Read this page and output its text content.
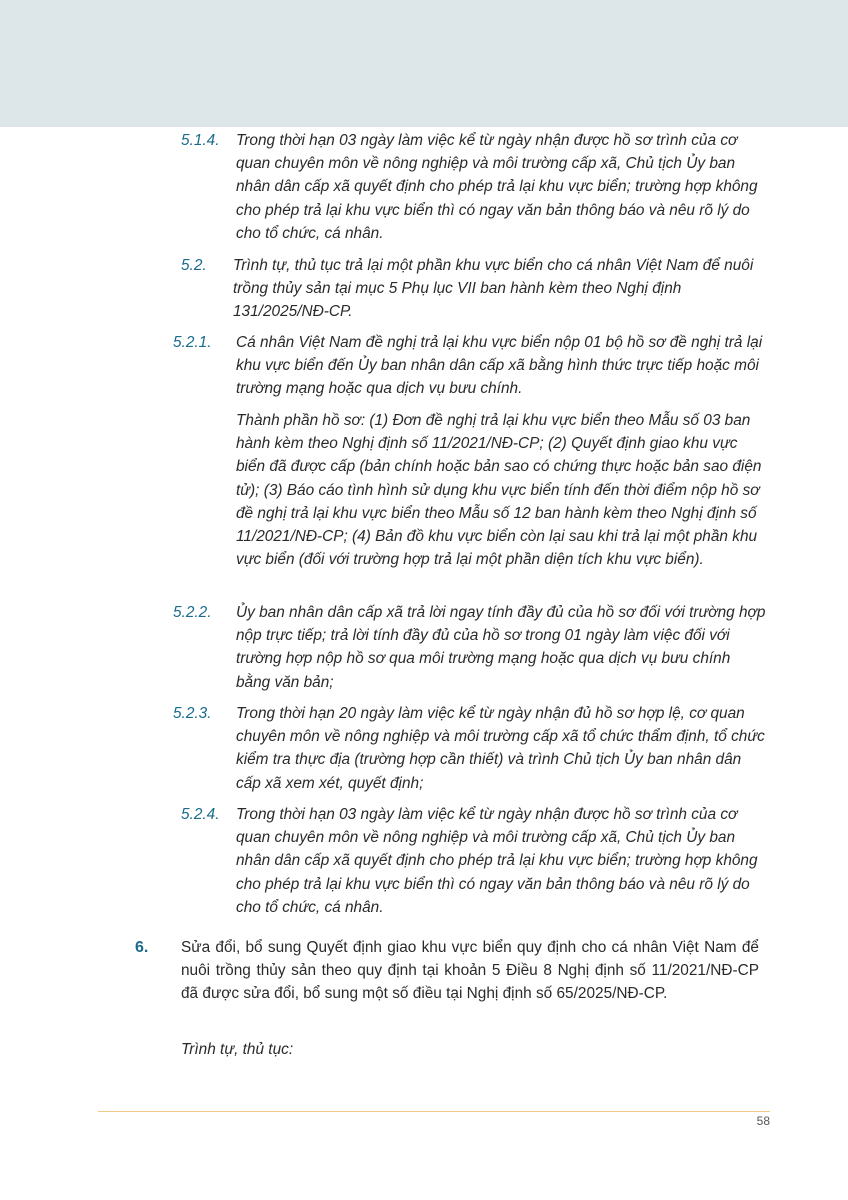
5.1.4. Trong thời hạn 03 ngày làm việc kể từ ngày nhận được hồ sơ trình của cơ quan chuyên môn về nông nghiệp và môi trường cấp xã, Chủ tịch Ủy ban nhân dân cấp xã quyết định cho phép trả lại khu vực biển; trường hợp không cho phép trả lại khu vực biển thì có ngay văn bản thông báo và nêu rõ lý do cho tổ chức, cá nhân.

5.2. Trình tự, thủ tục trả lại một phần khu vực biển cho cá nhân Việt Nam để nuôi trồng thủy sản tại mục 5 Phụ lục VII ban hành kèm theo Nghị định 131/2025/NĐ-CP.

5.2.1. Cá nhân Việt Nam đề nghị trả lại khu vực biển nộp 01 bộ hồ sơ đề nghị trả lại khu vực biển đến Ủy ban nhân dân cấp xã bằng hình thức trực tiếp hoặc môi trường mạng hoặc qua dịch vụ bưu chính.

Thành phần hồ sơ: (1) Đơn đề nghị trả lại khu vực biển theo Mẫu số 03 ban hành kèm theo Nghị định số 11/2021/NĐ-CP; (2) Quyết định giao khu vực biển đã được cấp (bản chính hoặc bản sao có chứng thực hoặc bản sao điện tử); (3) Báo cáo tình hình sử dụng khu vực biển tính đến thời điểm nộp hồ sơ đề nghị trả lại khu vực biển theo Mẫu số 12 ban hành kèm theo Nghị định số 11/2021/NĐ-CP; (4) Bản đồ khu vực biển còn lại sau khi trả lại một phần khu vực biển (đối với trường hợp trả lại một phần diện tích khu vực biển).

5.2.2. Ủy ban nhân dân cấp xã trả lời ngay tính đầy đủ của hồ sơ đối với trường hợp nộp trực tiếp; trả lời tính đầy đủ của hồ sơ trong 01 ngày làm việc đối với trường hợp nộp hồ sơ qua môi trường mạng hoặc qua dịch vụ bưu chính bằng văn bản;

5.2.3. Trong thời hạn 20 ngày làm việc kể từ ngày nhận đủ hồ sơ hợp lệ, cơ quan chuyên môn về nông nghiệp và môi trường cấp xã tổ chức thẩm định, tổ chức kiểm tra thực địa (trường hợp cần thiết) và trình Chủ tịch Ủy ban nhân dân cấp xã xem xét, quyết định;

5.2.4. Trong thời hạn 03 ngày làm việc kể từ ngày nhận được hồ sơ trình của cơ quan chuyên môn về nông nghiệp và môi trường cấp xã, Chủ tịch Ủy ban nhân dân cấp xã quyết định cho phép trả lại khu vực biển; trường hợp không cho phép trả lại khu vực biển thì có ngay văn bản thông báo và nêu rõ lý do cho tổ chức, cá nhân.

6. Sửa đổi, bổ sung Quyết định giao khu vực biển quy định cho cá nhân Việt Nam để nuôi trồng thủy sản theo quy định tại khoản 5 Điều 8 Nghị định số 11/2021/NĐ-CP đã được sửa đổi, bổ sung một số điều tại Nghị định số 65/2025/NĐ-CP.

Trình tự, thủ tục:
58
